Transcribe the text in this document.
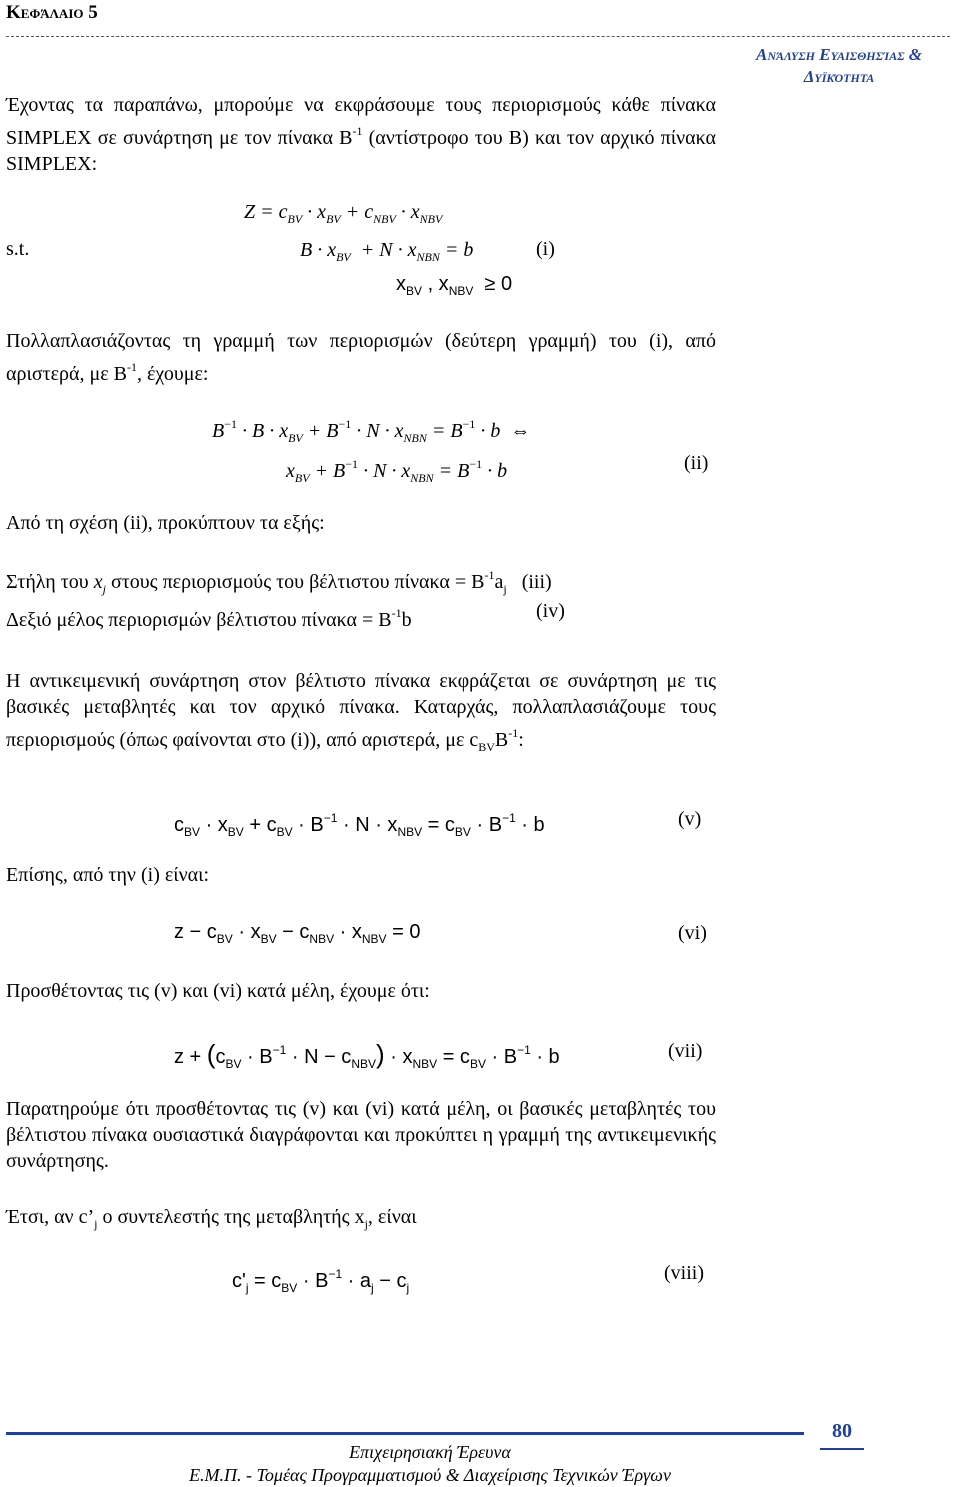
Κεφάλαιο 5
Ανάλυση Ευαισθησίας &
Δυϊκότητα
Έχοντας τα παραπάνω, μπορούμε να εκφράσουμε τους περιορισμούς κάθε πίνακα SIMPLEX σε συνάρτηση με τον πίνακα $B^{-1}$ (αντίστροφο του B) και τον αρχικό πίνακα SIMPLEX:
$Z = c_{BV} \cdot x_{BV} + c_{NBV} \cdot x_{NBV}$
s.t.	$B \cdot x_{BV} + N \cdot x_{NBN} = b$	(i)
$x_{BV}$ , $x_{NBV} \ge 0$
Πολλαπλασιάζοντας τη γραμμή των περιορισμών (δεύτερη γραμμή) του (i), από αριστερά, με $B^{-1}$, έχουμε:
$B^{-1} \cdot B \cdot x_{BV} + B^{-1} \cdot N \cdot x_{NBN} = B^{-1} \cdot b$  ⇔
$x_{BV} + B^{-1} \cdot N \cdot x_{NBN} = B^{-1} \cdot b$	(ii)
Από τη σχέση (ii), προκύπτουν τα εξής:
Στήλη του $x_j$ στους περιορισμούς του βέλτιστου $\pi ί\nu\alpha\kappa\alpha = B^{-1}a_j$ (iii)
Δεξιό μέλος περιορισμών βέλτιστου $\pi ί\nu\alpha\kappa\alpha = B^{-1}b$	(iv)
Η αντικειμενική συνάρτηση στον βέλτιστο πίνακα εκφράζεται σε συνάρτηση με τις βασικές μεταβλητές και τον αρχικό πίνακα. Καταρχάς, πολλαπλασιάζουμε τους περιορισμούς (όπως φαίνονται στο (i)), από αριστερά, με $c_{BV}B^{-1}$:
$c_{BV} \cdot x_{BV} + c_{BV} \cdot B^{-1} \cdot N \cdot x_{NBV} = c_{BV} \cdot B^{-1} \cdot b$	(v)
Επίσης, από την (i) είναι:
$z - c_{BV} \cdot x_{BV} - c_{NBV} \cdot x_{NBV} = 0$	(vi)
Προσθέτοντας τις (v) και (vi) κατά μέλη, έχουμε ότι:
$z + (c_{BV} \cdot B^{-1} \cdot N - c_{NBV}) \cdot x_{NBV} = c_{BV} \cdot B^{-1} \cdot b$	(vii)
Παρατηρούμε ότι προσθέτοντας τις (v) και (vi) κατά μέλη, οι βασικές μεταβλητές του βέλτιστου πίνακα ουσιαστικά διαγράφονται και προκύπτει η γραμμή της αντικειμενικής συνάρτησης.
Έτσι, αν $c’_j$ ο συντελεστής της μεταβλητής $x_j$, είναι
$c'_j = c_{BV} \cdot B^{-1} \cdot a_j - c_j$
(viii)
80
Επιχειρησιακή Έρευνα
Ε.Μ.Π. - Τομέας Προγραμματισμού & Διαχείρισης Τεχνικών Έργων
